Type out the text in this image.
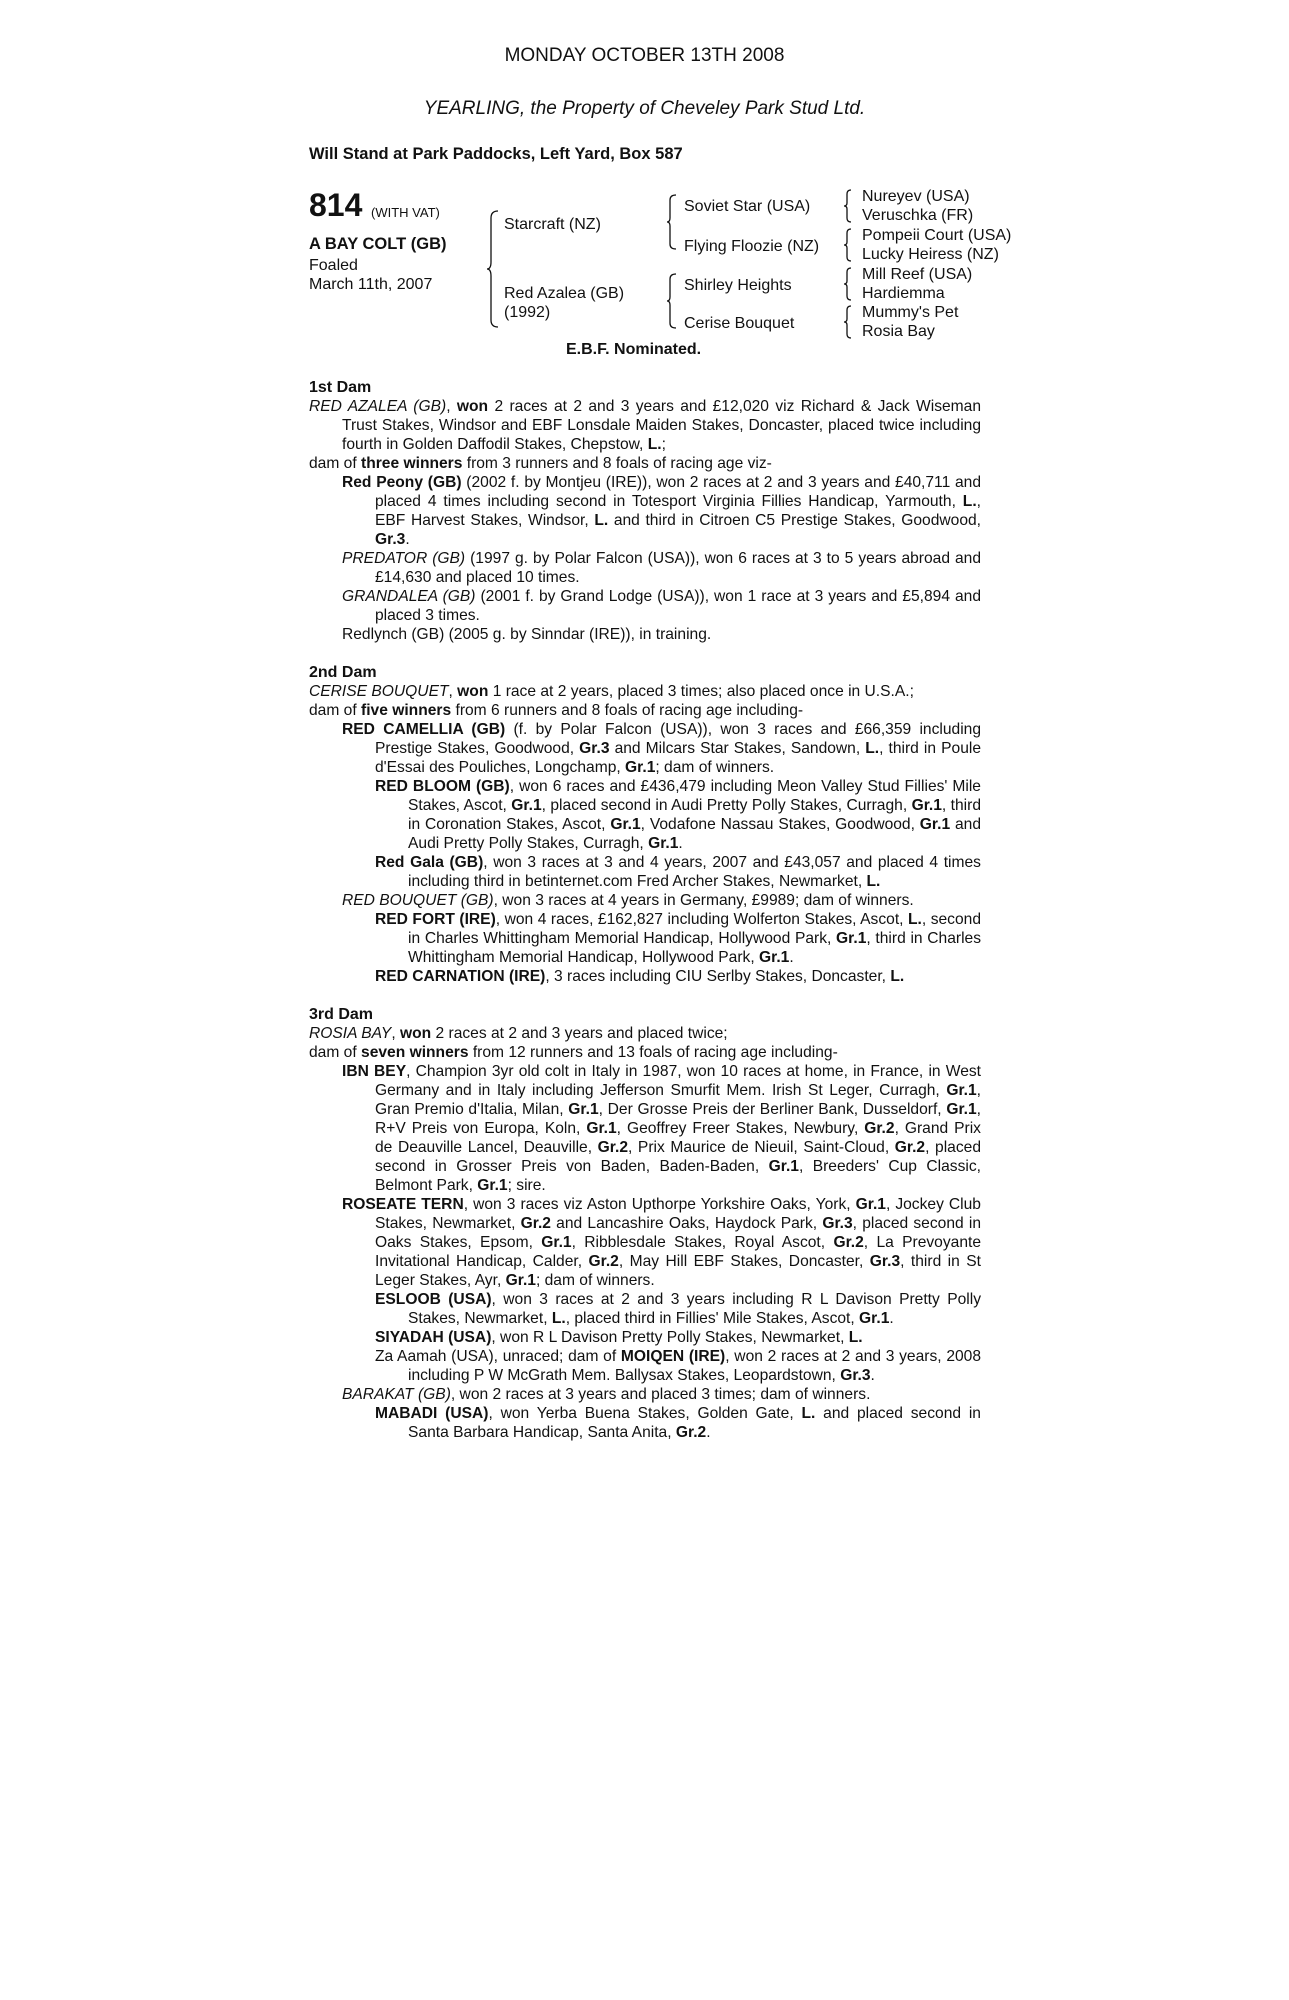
MONDAY OCTOBER 13TH 2008
YEARLING, the Property of Cheveley Park Stud Ltd.
Will Stand at Park Paddocks, Left Yard, Box 587
814 (WITH VAT)
A BAY COLT (GB)
Foaled
March 11th, 2007
Starcraft (NZ)
Red Azalea (GB)
(1992)
Soviet Star (USA)
Flying Floozie (NZ)
Shirley Heights
Cerise Bouquet
Nureyev (USA)
Veruschka (FR)
Pompeii Court (USA)
Lucky Heiress (NZ)
Mill Reef (USA)
Hardiemma
Mummy's Pet
Rosia Bay
E.B.F. Nominated.

1st Dam

RED AZALEA (GB), won 2 races at 2 and 3 years and £12,020 viz Richard & Jack Wiseman Trust Stakes, Windsor and EBF Lonsdale Maiden Stakes, Doncaster, placed twice including fourth in Golden Daffodil Stakes, Chepstow, L.;

dam of three winners from 3 runners and 8 foals of racing age viz-

Red Peony (GB) (2002 f. by Montjeu (IRE)), won 2 races at 2 and 3 years and £40,711 and placed 4 times including second in Totesport Virginia Fillies Handicap, Yarmouth, L., EBF Harvest Stakes, Windsor, L. and third in Citroen C5 Prestige Stakes, Goodwood, Gr.3.

PREDATOR (GB) (1997 g. by Polar Falcon (USA)), won 6 races at 3 to 5 years abroad and £14,630 and placed 10 times.

GRANDALEA (GB) (2001 f. by Grand Lodge (USA)), won 1 race at 3 years and £5,894 and placed 3 times.

Redlynch (GB) (2005 g. by Sinndar (IRE)), in training.

2nd Dam

CERISE BOUQUET, won 1 race at 2 years, placed 3 times; also placed once in U.S.A.;

dam of five winners from 6 runners and 8 foals of racing age including-

RED CAMELLIA (GB) (f. by Polar Falcon (USA)), won 3 races and £66,359 including Prestige Stakes, Goodwood, Gr.3 and Milcars Star Stakes, Sandown, L., third in Poule d'Essai des Pouliches, Longchamp, Gr.1; dam of winners.

RED BLOOM (GB), won 6 races and £436,479 including Meon Valley Stud Fillies' Mile Stakes, Ascot, Gr.1, placed second in Audi Pretty Polly Stakes, Curragh, Gr.1, third in Coronation Stakes, Ascot, Gr.1, Vodafone Nassau Stakes, Goodwood, Gr.1 and Audi Pretty Polly Stakes, Curragh, Gr.1.

Red Gala (GB), won 3 races at 3 and 4 years, 2007 and £43,057 and placed 4 times including third in betinternet.com Fred Archer Stakes, Newmarket, L.

RED BOUQUET (GB), won 3 races at 4 years in Germany, £9989; dam of winners.

RED FORT (IRE), won 4 races, £162,827 including Wolferton Stakes, Ascot, L., second in Charles Whittingham Memorial Handicap, Hollywood Park, Gr.1, third in Charles Whittingham Memorial Handicap, Hollywood Park, Gr.1.

RED CARNATION (IRE), 3 races including CIU Serlby Stakes, Doncaster, L.

3rd Dam

ROSIA BAY, won 2 races at 2 and 3 years and placed twice;

dam of seven winners from 12 runners and 13 foals of racing age including-

IBN BEY, Champion 3yr old colt in Italy in 1987, won 10 races at home, in France, in West Germany and in Italy including Jefferson Smurfit Mem. Irish St Leger, Curragh, Gr.1, Gran Premio d'Italia, Milan, Gr.1, Der Grosse Preis der Berliner Bank, Dusseldorf, Gr.1, R+V Preis von Europa, Koln, Gr.1, Geoffrey Freer Stakes, Newbury, Gr.2, Grand Prix de Deauville Lancel, Deauville, Gr.2, Prix Maurice de Nieuil, Saint-Cloud, Gr.2, placed second in Grosser Preis von Baden, Baden-Baden, Gr.1, Breeders' Cup Classic, Belmont Park, Gr.1; sire.

ROSEATE TERN, won 3 races viz Aston Upthorpe Yorkshire Oaks, York, Gr.1, Jockey Club Stakes, Newmarket, Gr.2 and Lancashire Oaks, Haydock Park, Gr.3, placed second in Oaks Stakes, Epsom, Gr.1, Ribblesdale Stakes, Royal Ascot, Gr.2, La Prevoyante Invitational Handicap, Calder, Gr.2, May Hill EBF Stakes, Doncaster, Gr.3, third in St Leger Stakes, Ayr, Gr.1; dam of winners.

ESLOOB (USA), won 3 races at 2 and 3 years including R L Davison Pretty Polly Stakes, Newmarket, L., placed third in Fillies' Mile Stakes, Ascot, Gr.1.

SIYADAH (USA), won R L Davison Pretty Polly Stakes, Newmarket, L.

Za Aamah (USA), unraced; dam of MOIQEN (IRE), won 2 races at 2 and 3 years, 2008 including P W McGrath Mem. Ballysax Stakes, Leopardstown, Gr.3.

BARAKAT (GB), won 2 races at 3 years and placed 3 times; dam of winners.

MABADI (USA), won Yerba Buena Stakes, Golden Gate, L. and placed second in Santa Barbara Handicap, Santa Anita, Gr.2.
